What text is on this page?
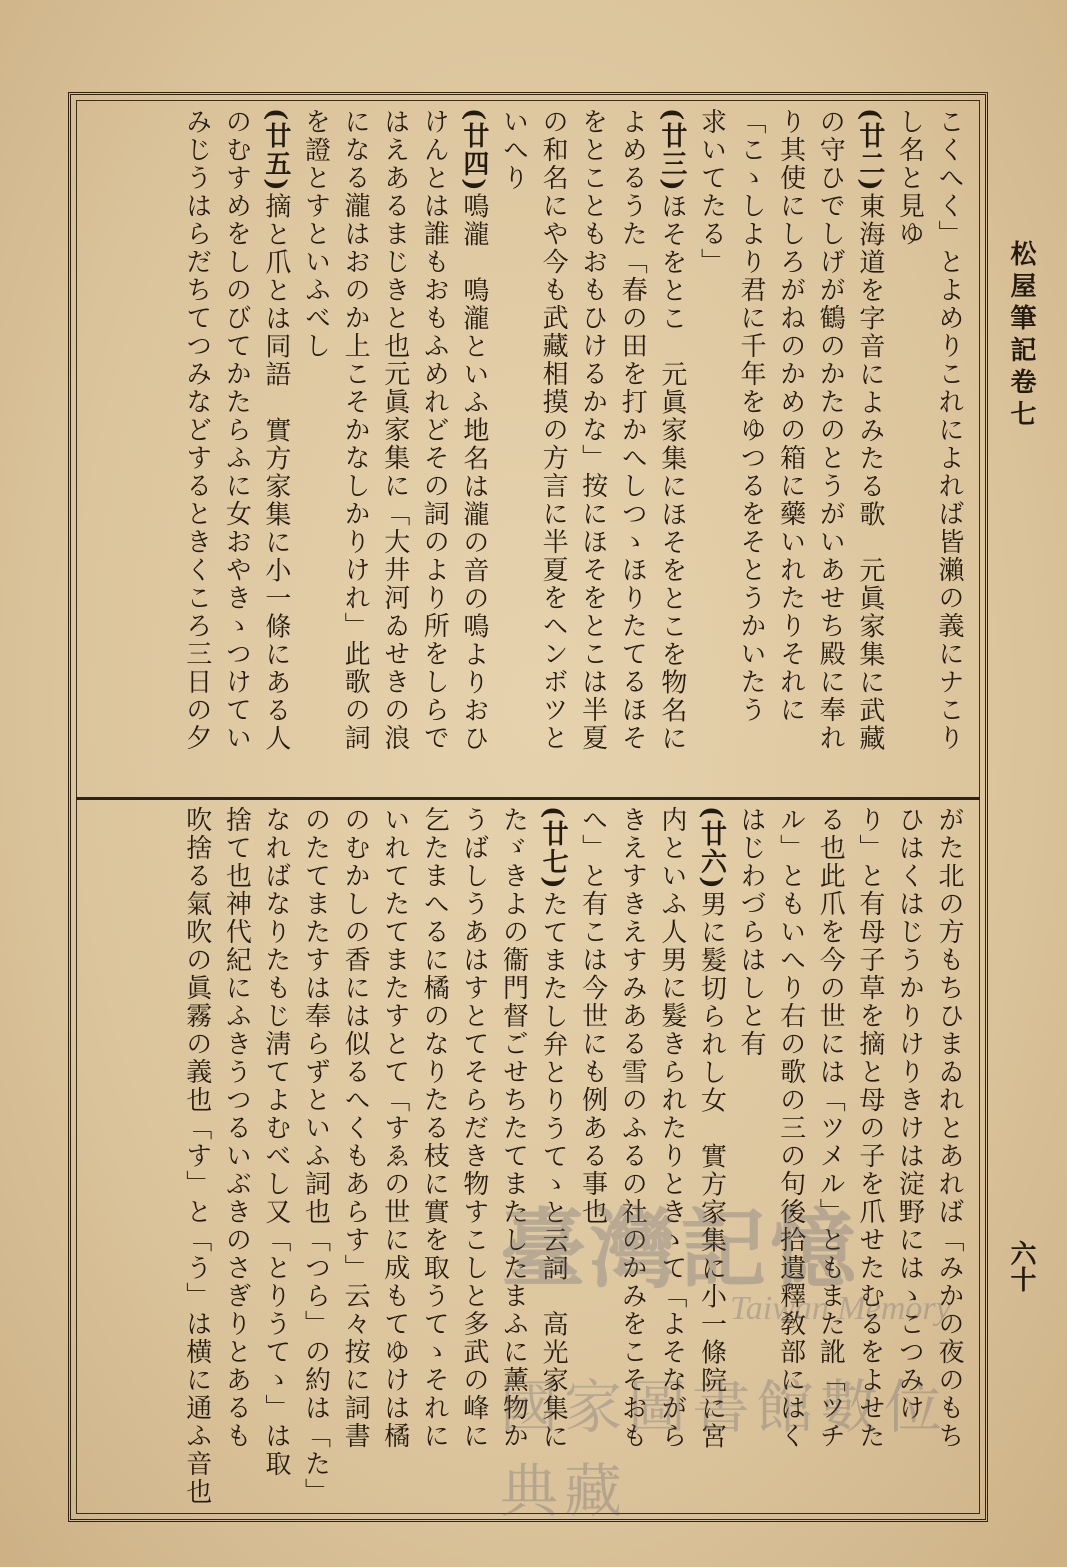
松屋筆記卷七
六十
こくへく」とよめりこれによれば皆瀨の義にナこり
し名と見ゆ
(廿二)東海道を字音によみたる歌　元眞家集に武藏
の守ひでしげが鶴のかたのとうがいあせち殿に奉れ
り其使にしろがねのかめの箱に藥いれたりそれに
「こゝしより君に千年をゆつるをそとうかいたう
求いてたる」
(廿三)ほそをとこ　元眞家集にほそをとこを物名に
よめるうた「春の田を打かへしつゝほりたてるほそ
をとこともおもひけるかな」按にほそをとこは半夏
の和名にや今も武藏相摸の方言に半夏をヘンボツと
いへり
(廿四)鳴瀧　鳴瀧といふ地名は瀧の音の鳴よりおひ
けんとは誰もおもふめれどその詞のより所をしらで
はえあるまじきと也元眞家集に「大井河ゐせきの浪
になる瀧はおのか上こそかなしかりけれ」此歌の詞
を證とすといふべし
(廿五)摘と爪とは同語　實方家集に小一條にある人
のむすめをしのびてかたらふに女おやきゝつけてい
みじうはらだちてつみなどするときくころ三日の夕
がた北の方もちひまゐれとあれば「みかの夜のもち
ひはくはじうかりけりきけは淀野にはゝこつみけ
り」と有母子草を摘と母の子を爪せたむるをよせた
る也此爪を今の世には「ツメル」ともまた訛「ツチ
ル」ともいへり右の歌の三の句後拾遺釋敎部にはく
はじわづらはしと有
(廿六)男に髮切られし女　實方家集に小一條院に宮
内といふ人男に髮きられたりときゝて「よそながら
きえすきえすみある雪のふるの社のかみをこそおも
へ」と有こは今世にも例ある事也
(廿七)たてまたし弁とりうてゝと云詞　高光家集に
たゞきよの衞門督ごせちたてまたしたまふに薰物か
うばしうあはすとてそらだき物すこしと多武の峰に
乞たまへるに橘のなりたる枝に實を取うてゝそれに
いれてたてまたすとて「すゑの世に成もてゆけは橘
のむかしの香には似るへくもあらす」云々按に詞書
のたてまたすは奉らずといふ詞也「つら」の約は「た」
なればなりたもじ淸てよむべし又「とりうてゝ」は取
捨て也神代紀にふきうつるいぶきのさぎりとあるも
吹捨る氣吹の眞霧の義也「す」と「う」は横に通ふ音也	臺灣記憶
Taiwan Memory
國家圖書館數位典藏
